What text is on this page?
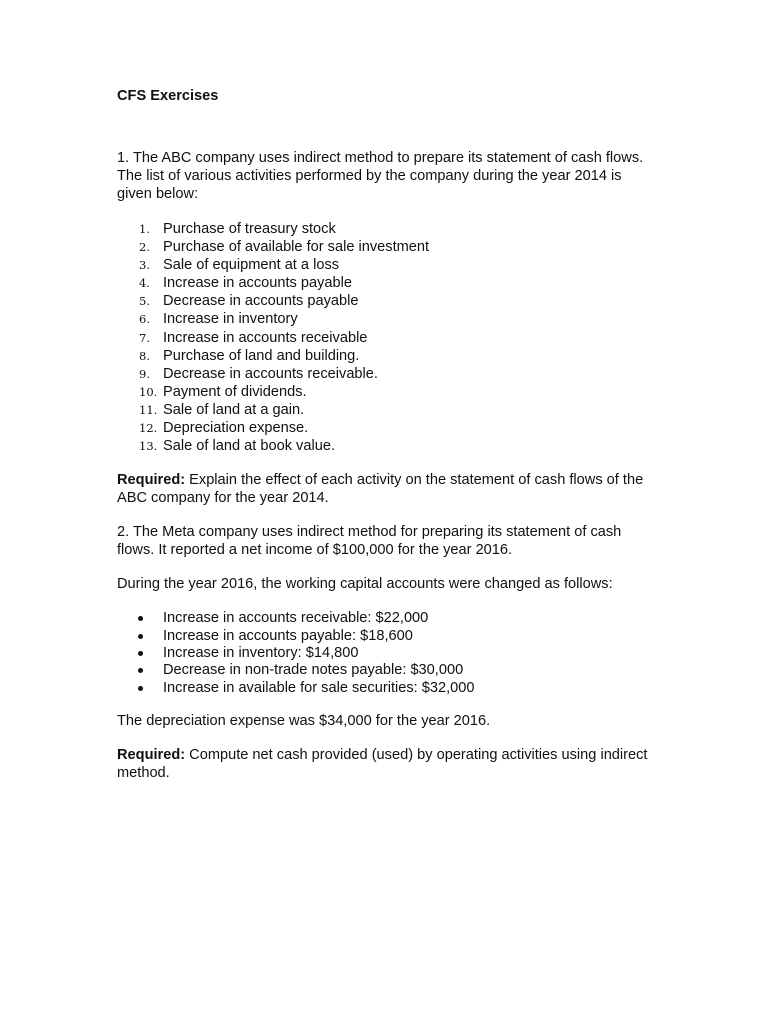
CFS Exercises

1. The ABC company uses indirect method to prepare its statement of cash flows. The list of various activities performed by the company during the year 2014 is given below:

1. Purchase of treasury stock
2. Purchase of available for sale investment
3. Sale of equipment at a loss
4. Increase in accounts payable
5. Decrease in accounts payable
6. Increase in inventory
7. Increase in accounts receivable
8. Purchase of land and building.
9. Decrease in accounts receivable.
10. Payment of dividends.
11. Sale of land at a gain.
12. Depreciation expense.
13. Sale of land at book value.

Required: Explain the effect of each activity on the statement of cash flows of the ABC company for the year 2014.

2. The Meta company uses indirect method for preparing its statement of cash flows. It reported a net income of $100,000 for the year 2016.

During the year 2016, the working capital accounts were changed as follows:

Increase in accounts receivable: $22,000
Increase in accounts payable: $18,600
Increase in inventory: $14,800
Decrease in non-trade notes payable: $30,000
Increase in available for sale securities: $32,000

The depreciation expense was $34,000 for the year 2016.

Required: Compute net cash provided (used) by operating activities using indirect method.
